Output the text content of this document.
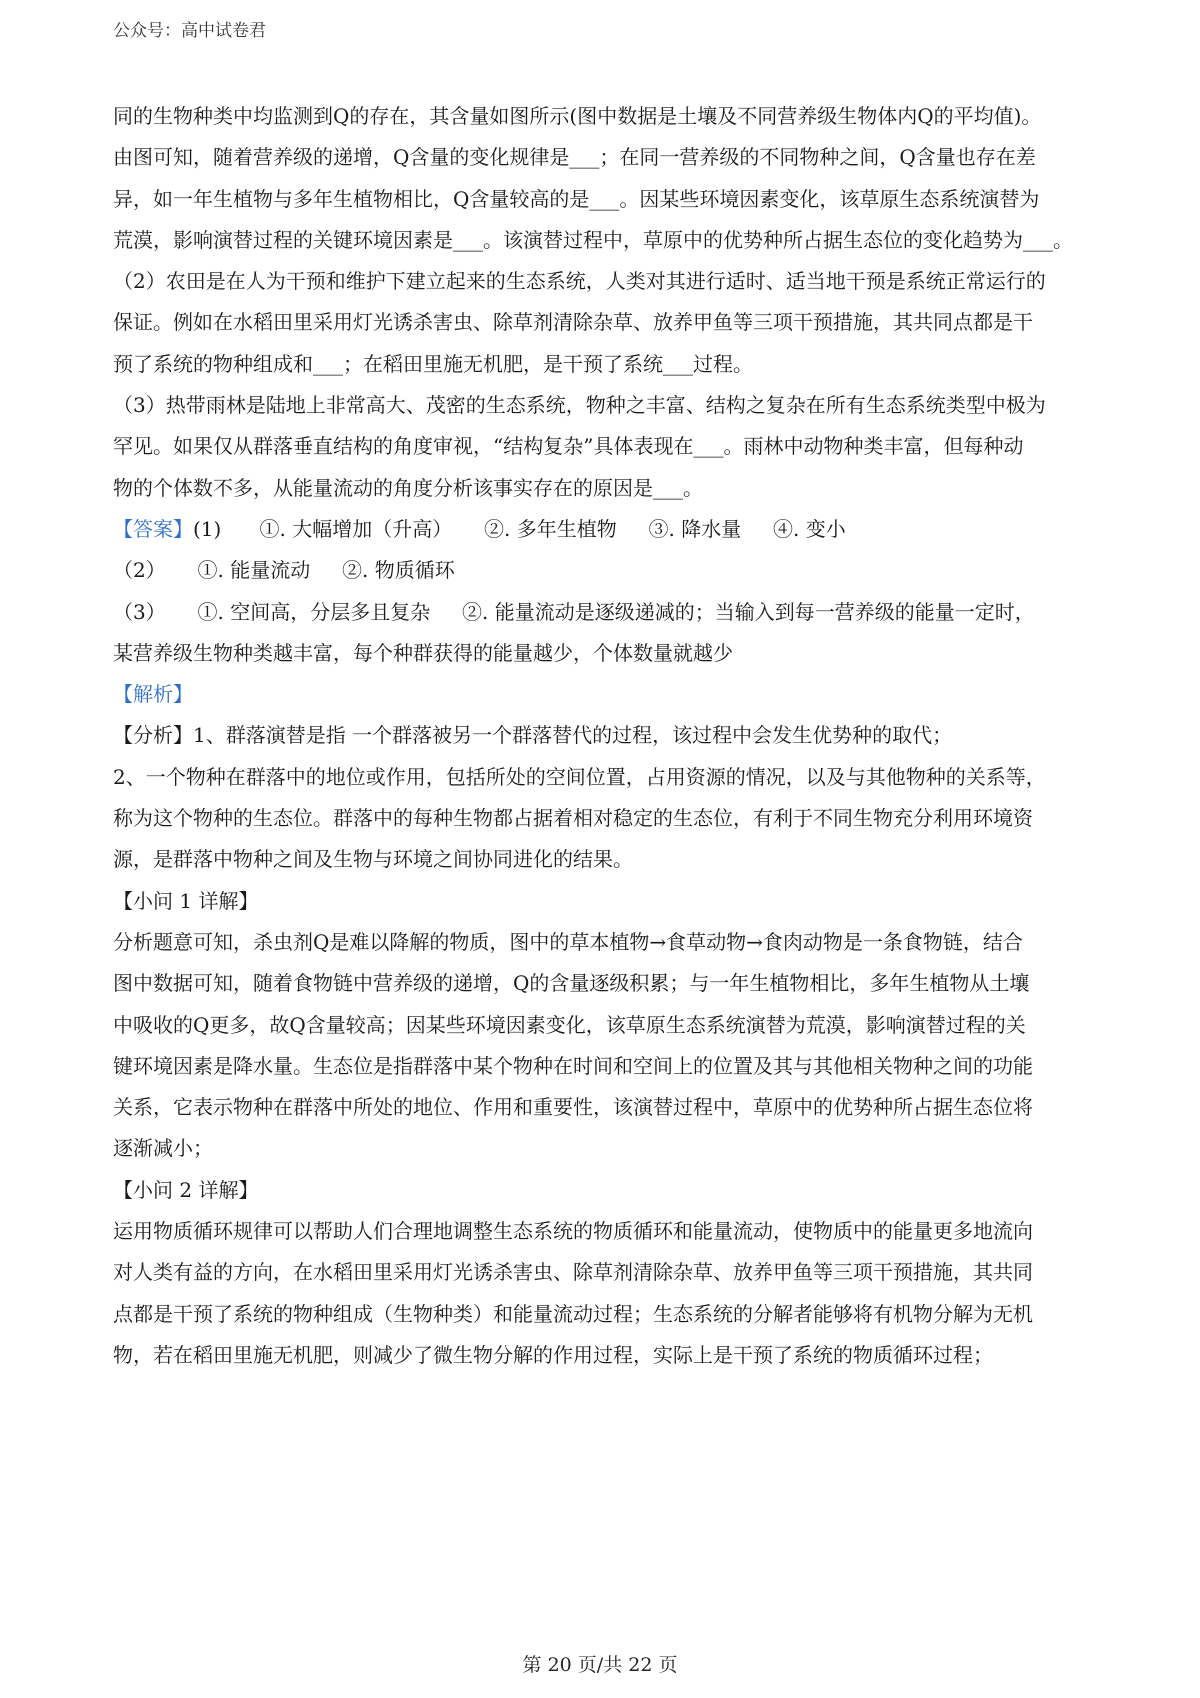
公众号：高中试卷君

同的生物种类中均监测到Q的存在，其含量如图所示(图中数据是土壤及不同营养级生物体内Q的平均值)。

由图可知，随着营养级的递增，Q含量的变化规律是___；在同一营养级的不同物种之间，Q含量也存在差

异，如一年生植物与多年生植物相比，Q含量较高的是___。因某些环境因素变化，该草原生态系统演替为

荒漠，影响演替过程的关键环境因素是___。该演替过程中，草原中的优势种所占据生态位的变化趋势为___。

（2）农田是在人为干预和维护下建立起来的生态系统，人类对其进行适时、适当地干预是系统正常运行的

保证。例如在水稻田里采用灯光诱杀害虫、除草剂清除杂草、放养甲鱼等三项干预措施，其共同点都是干

预了系统的物种组成和___；在稻田里施无机肥，是干预了系统___过程。

（3）热带雨林是陆地上非常高大、茂密的生态系统，物种之丰富、结构之复杂在所有生态系统类型中极为

罕见。如果仅从群落垂直结构的角度审视，“结构复杂”具体表现在___。雨林中动物种类丰富，但每种动

物的个体数不多，从能量流动的角度分析该事实存在的原因是___。

【答案】(1)      ①. 大幅增加（升高）     ②. 多年生植物     ③. 降水量     ④. 变小

（2）     ①. 能量流动     ②. 物质循环

（3）     ①. 空间高，分层多且复杂     ②. 能量流动是逐级递减的；当输入到每一营养级的能量一定时，

某营养级生物种类越丰富，每个种群获得的能量越少，个体数量就越少

【解析】

【分析】1、群落演替是指 一个群落被另一个群落替代的过程，该过程中会发生优势种的取代；

2、一个物种在群落中的地位或作用，包括所处的空间位置，占用资源的情况，以及与其他物种的关系等，

称为这个物种的生态位。群落中的每种生物都占据着相对稳定的生态位，有利于不同生物充分利用环境资

源，是群落中物种之间及生物与环境之间协同进化的结果。

【小问 1 详解】

分析题意可知，杀虫剂Q是难以降解的物质，图中的草本植物→食草动物→食肉动物是一条食物链，结合

图中数据可知，随着食物链中营养级的递增，Q的含量逐级积累；与一年生植物相比，多年生植物从土壤

中吸收的Q更多，故Q含量较高；因某些环境因素变化，该草原生态系统演替为荒漠，影响演替过程的关

键环境因素是降水量。生态位是指群落中某个物种在时间和空间上的位置及其与其他相关物种之间的功能

关系，它表示物种在群落中所处的地位、作用和重要性，该演替过程中，草原中的优势种所占据生态位将

逐渐减小；

【小问 2 详解】

运用物质循环规律可以帮助人们合理地调整生态系统的物质循环和能量流动，使物质中的能量更多地流向

对人类有益的方向，在水稻田里采用灯光诱杀害虫、除草剂清除杂草、放养甲鱼等三项干预措施，其共同

点都是干预了系统的物种组成（生物种类）和能量流动过程；生态系统的分解者能够将有机物分解为无机

物，若在稻田里施无机肥，则减少了微生物分解的作用过程，实际上是干预了系统的物质循环过程；

第 20 页/共 22 页
